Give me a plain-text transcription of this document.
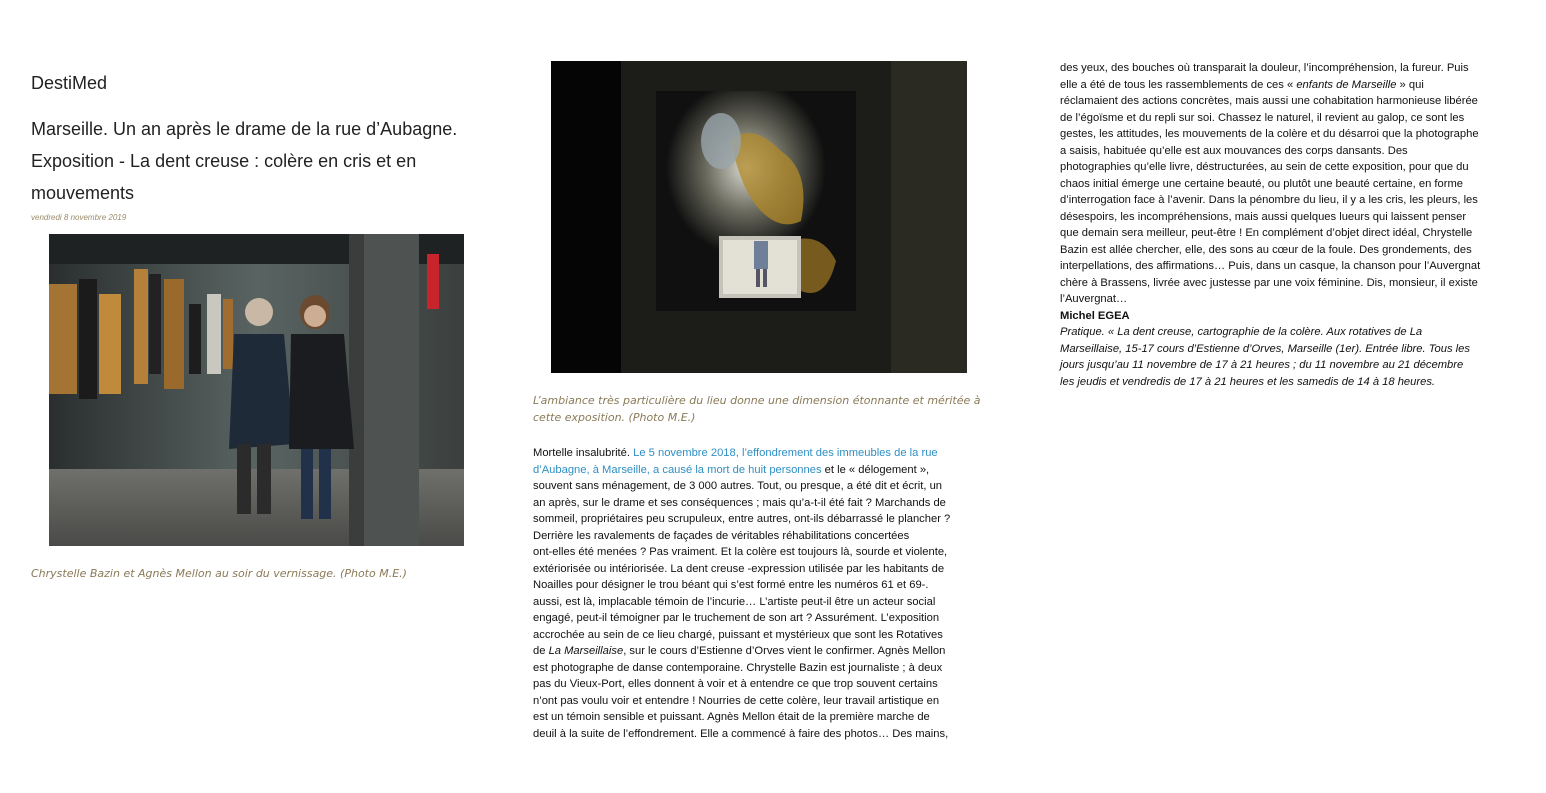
DestiMed
Marseille. Un an après le drame de la rue d’Aubagne.
Exposition - La dent creuse : colère en cris et en
mouvements
vendredi 8 novembre 2019
Chrystelle Bazin et Agnès Mellon au soir du vernissage. (Photo M.E.)
L’ambiance très particulière du lieu donne une dimension étonnante et méritée à
cette exposition. (Photo M.E.)
Mortelle insalubrité. Le 5 novembre 2018, l’effondrement des immeubles de la rue
d’Aubagne, à Marseille, a causé la mort de huit personnes et le « délogement »,
souvent sans ménagement, de 3 000 autres. Tout, ou presque, a été dit et écrit, un
an après, sur le drame et ses conséquences ; mais qu’a-t-il été fait ? Marchands de
sommeil, propriétaires peu scrupuleux, entre autres, ont-ils débarrassé le plancher ?
Derrière les ravalements de façades de véritables réhabilitations concertées
ont-elles été menées ? Pas vraiment. Et la colère est toujours là, sourde et violente,
extériorisée ou intériorisée. La dent creuse -expression utilisée par les habitants de
Noailles pour désigner le trou béant qui s’est formé entre les numéros 61 et 69-.
aussi, est là, implacable témoin de l’incurie… L’artiste peut-il être un acteur social
engagé, peut-il témoigner par le truchement de son art ? Assurément. L’exposition
accrochée au sein de ce lieu chargé, puissant et mystérieux que sont les Rotatives
de La Marseillaise, sur le cours d’Estienne d’Orves vient le confirmer. Agnès Mellon
est photographe de danse contemporaine. Chrystelle Bazin est journaliste ; à deux
pas du Vieux-Port, elles donnent à voir et à entendre ce que trop souvent certains
n’ont pas voulu voir et entendre ! Nourries de cette colère, leur travail artistique en
est un témoin sensible et puissant. Agnès Mellon était de la première marche de
deuil à la suite de l’effondrement. Elle a commencé à faire des photos… Des mains,
des yeux, des bouches où transparait la douleur, l’incompréhension, la fureur. Puis
elle a été de tous les rassemblements de ces « enfants de Marseille » qui
réclamaient des actions concrètes, mais aussi une cohabitation harmonieuse libérée
de l’égoïsme et du repli sur soi. Chassez le naturel, il revient au galop, ce sont les
gestes, les attitudes, les mouvements de la colère et du désarroi que la photographe
a saisis, habituée qu’elle est aux mouvances des corps dansants. Des
photographies qu’elle livre, déstructurées, au sein de cette exposition, pour que du
chaos initial émerge une certaine beauté, ou plutôt une beauté certaine, en forme
d’interrogation face à l’avenir. Dans la pénombre du lieu, il y a les cris, les pleurs, les
désespoirs, les incompréhensions, mais aussi quelques lueurs qui laissent penser
que demain sera meilleur, peut-être ! En complément d’objet direct idéal, Chrystelle
Bazin est allée chercher, elle, des sons au cœur de la foule. Des grondements, des
interpellations, des affirmations… Puis, dans un casque, la chanson pour l’Auvergnat
chère à Brassens, livrée avec justesse par une voix féminine. Dis, monsieur, il existe
l’Auvergnat…
Michel EGEA
Pratique. « La dent creuse, cartographie de la colère. Aux rotatives de La
Marseillaise, 15-17 cours d’Estienne d’Orves, Marseille (1er). Entrée libre. Tous les
jours jusqu’au 11 novembre de 17 à 21 heures ; du 11 novembre au 21 décembre
les jeudis et vendredis de 17 à 21 heures et les samedis de 14 à 18 heures.
